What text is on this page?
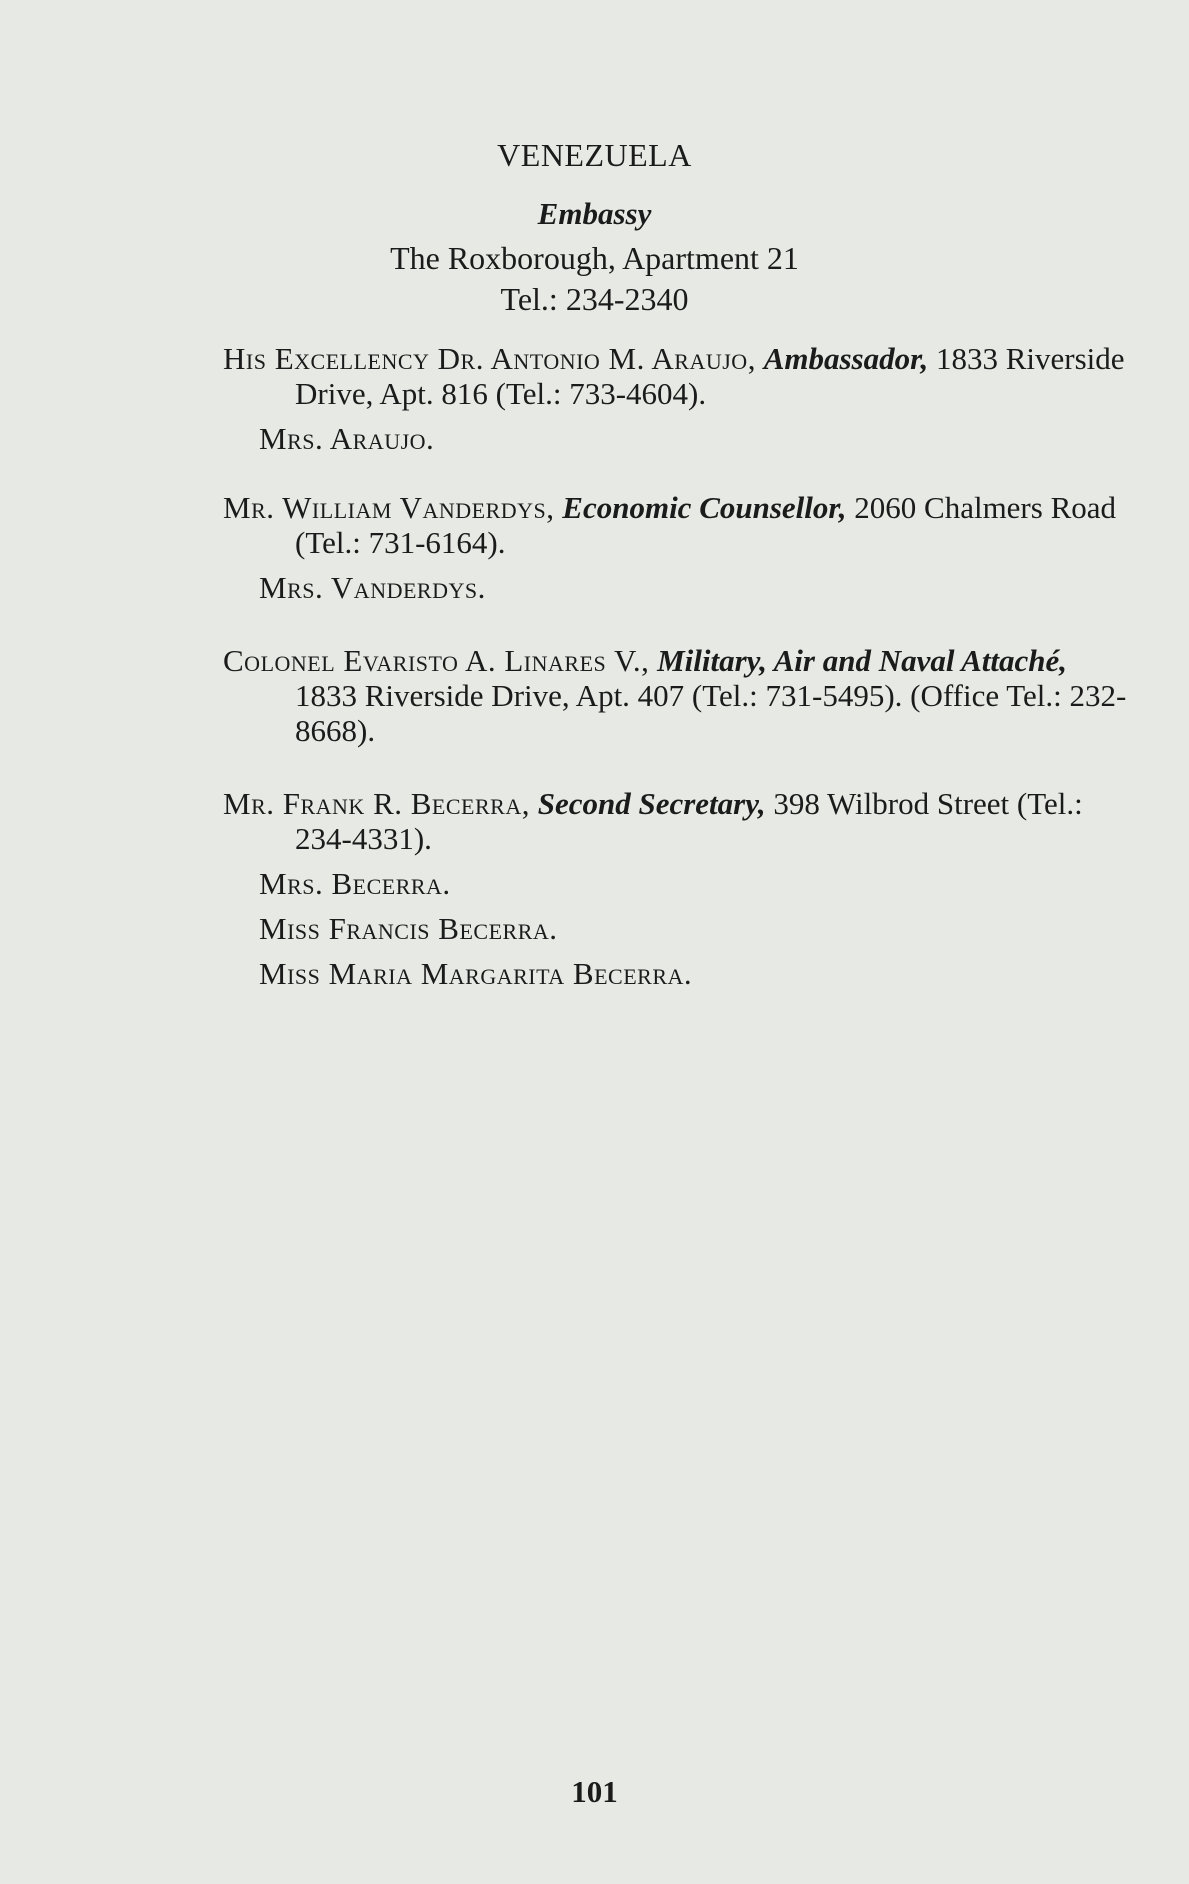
VENEZUELA
Embassy
The Roxborough, Apartment 21
Tel.: 234-2340

His Excellency Dr. Antonio M. Araujo, Ambassador, 1833 Riverside Drive, Apt. 816 (Tel.: 733-4604).

Mrs. Araujo.

Mr. William Vanderdys, Economic Counsellor, 2060 Chalmers Road (Tel.: 731-6164).

Mrs. Vanderdys.

Colonel Evaristo A. Linares V., Military, Air and Naval Attaché, 1833 Riverside Drive, Apt. 407 (Tel.: 731-5495). (Office Tel.: 232-8668).

Mr. Frank R. Becerra, Second Secretary, 398 Wilbrod Street (Tel.: 234-4331).

Mrs. Becerra.

Miss Francis Becerra.

Miss Maria Margarita Becerra.

101
